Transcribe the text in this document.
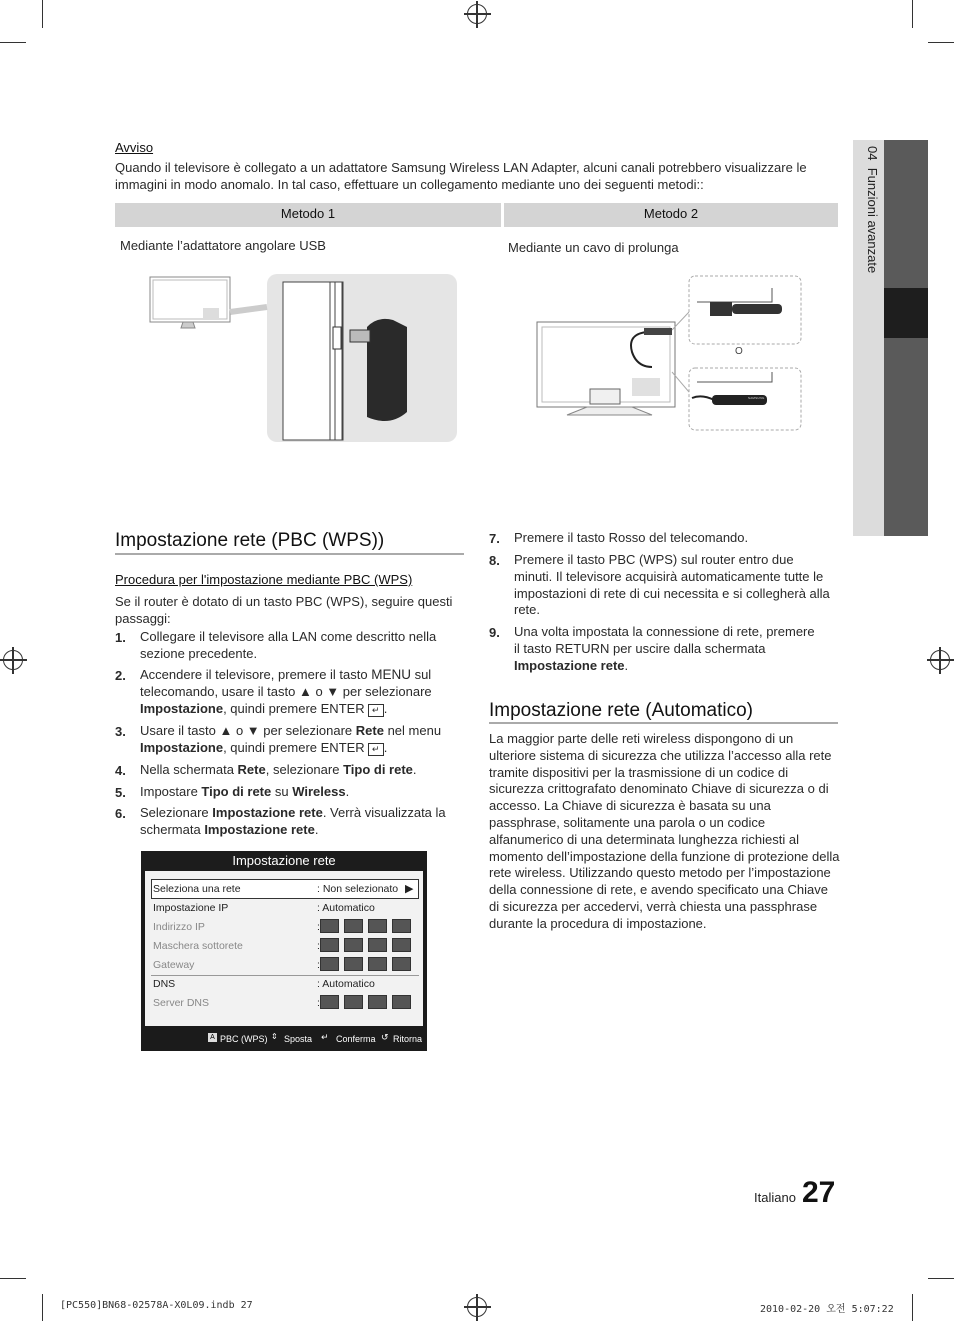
04  Funzioni avanzate
Avviso
Quando il televisore è collegato a un adattatore Samsung Wireless LAN Adapter, alcuni canali potrebbero visualizzare le immagini in modo anomalo. In tal caso, effettuare un collegamento mediante uno dei seguenti metodi::
Metodo 1	Metodo 2
Mediante l’adattatore angolare USB	Mediante un cavo di prolunga
O
SAMSUNG
Impostazione rete (PBC (WPS))
Procedura per l'impostazione mediante PBC (WPS)
Se il router è dotato di un tasto PBC (WPS), seguire questi passaggi:
1. Collegare il televisore alla LAN come descritto nella sezione precedente.
2. Accendere il televisore, premere il tasto MENU sul telecomando, usare il tasto ▲ o ▼ per selezionare Impostazione, quindi premere ENTER ↵ .
3. Usare il tasto ▲ o ▼ per selezionare Rete nel menu Impostazione, quindi premere ENTER ↵ .
4. Nella schermata Rete, selezionare Tipo di rete.
5. Impostare Tipo di rete su Wireless.
6. Selezionare Impostazione rete. Verrà visualizzata la schermata Impostazione rete.
Impostazione rete
Seleziona una rete	: Non selezionato ▶
Impostazione IP	: Automatico
Indirizzo IP	:
Maschera sottorete	:
Gateway	:
DNS	: Automatico
Server DNS	:
A PBC (WPS) ⇕ Sposta ↵ Conferma ↺ Ritorna
7. Premere il tasto Rosso del telecomando.
8. Premere il tasto PBC (WPS) sul router entro due minuti. Il televisore acquisirà automaticamente tutte le impostazioni di rete di cui necessita e si collegherà alla rete.
9. Una volta impostata la connessione di rete, premere il tasto RETURN per uscire dalla schermata Impostazione rete.
Impostazione rete (Automatico)
La maggior parte delle reti wireless dispongono di un ulteriore sistema di sicurezza che utilizza l’accesso alla rete tramite dispositivi per la trasmissione di un codice di sicurezza crittografato denominato Chiave di sicurezza o di accesso. La Chiave di sicurezza è basata su una passphrase, solitamente una parola o un codice alfanumerico di una determinata lunghezza richiesti al momento dell’impostazione della funzione di protezione della rete wireless. Utilizzando questo metodo per l’impostazione della connessione di rete, e avendo specificato una Chiave di sicurezza per accedervi, verrà chiesta una passphrase durante la procedura di impostazione.
Italiano 27
[PC550]BN68-02578A-X0L09.indb 27	2010-02-20 오전 5:07:22
